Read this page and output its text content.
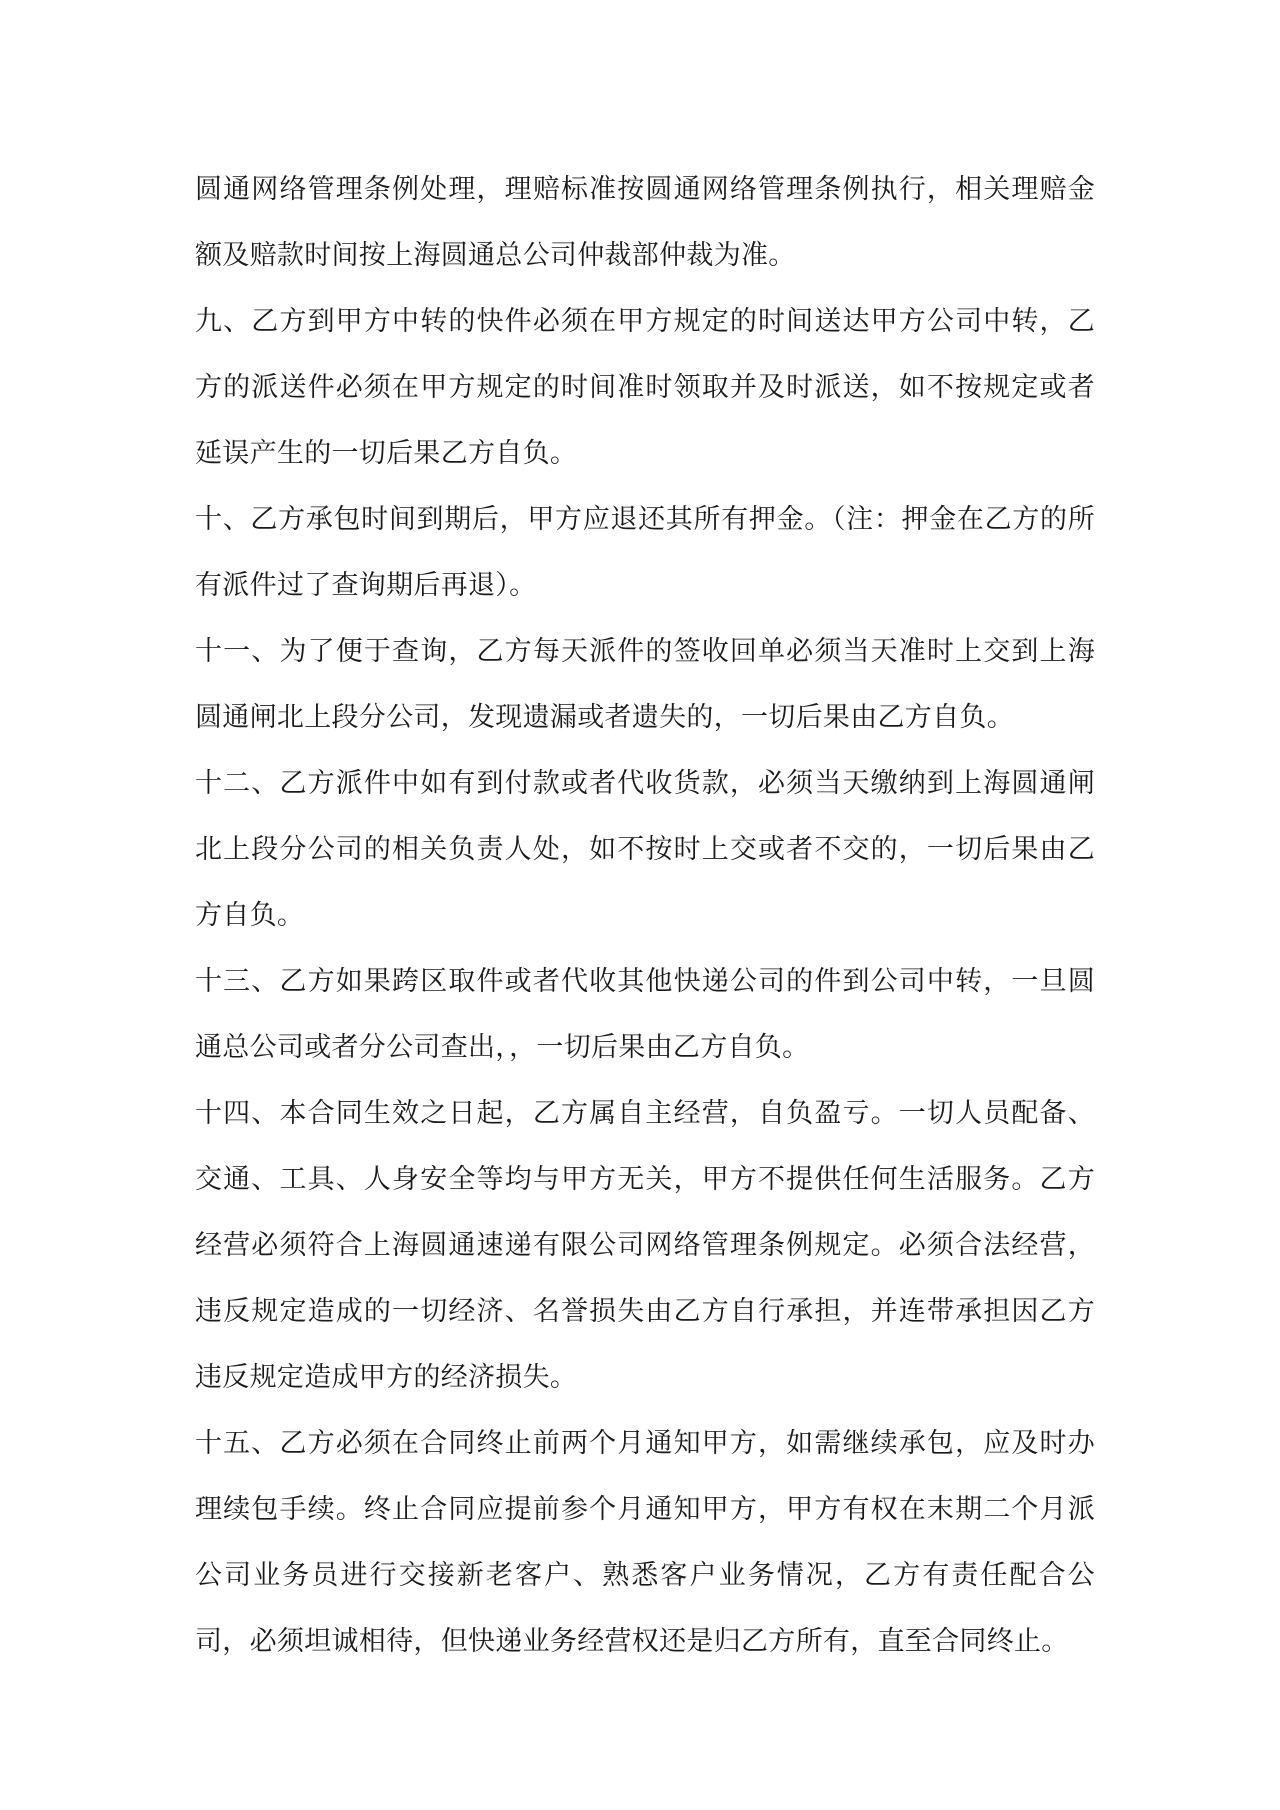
圆通网络管理条例处理，理赔标准按圆通网络管理条例执行，相关理赔金额及赔款时间按上海圆通总公司仲裁部仲裁为准。

九、乙方到甲方中转的快件必须在甲方规定的时间送达甲方公司中转，乙方的派送件必须在甲方规定的时间准时领取并及时派送，如不按规定或者延误产生的一切后果乙方自负。

十、乙方承包时间到期后，甲方应退还其所有押金。（注：押金在乙方的所有派件过了查询期后再退）。

十一、为了便于查询，乙方每天派件的签收回单必须当天准时上交到上海圆通闸北上段分公司，发现遗漏或者遗失的，一切后果由乙方自负。

十二、乙方派件中如有到付款或者代收货款，必须当天缴纳到上海圆通闸北上段分公司的相关负责人处，如不按时上交或者不交的，一切后果由乙方自负。

十三、乙方如果跨区取件或者代收其他快递公司的件到公司中转，一旦圆通总公司或者分公司查出，，一切后果由乙方自负。

十四、本合同生效之日起，乙方属自主经营，自负盈亏。一切人员配备、交通、工具、人身安全等均与甲方无关，甲方不提供任何生活服务。乙方经营必须符合上海圆通速递有限公司网络管理条例规定。必须合法经营，违反规定造成的一切经济、名誉损失由乙方自行承担，并连带承担因乙方违反规定造成甲方的经济损失。

十五、乙方必须在合同终止前两个月通知甲方，如需继续承包，应及时办理续包手续。终止合同应提前参个月通知甲方，甲方有权在末期二个月派公司业务员进行交接新老客户、熟悉客户业务情况，乙方有责任配合公司，必须坦诚相待，但快递业务经营权还是归乙方所有，直至合同终止。
